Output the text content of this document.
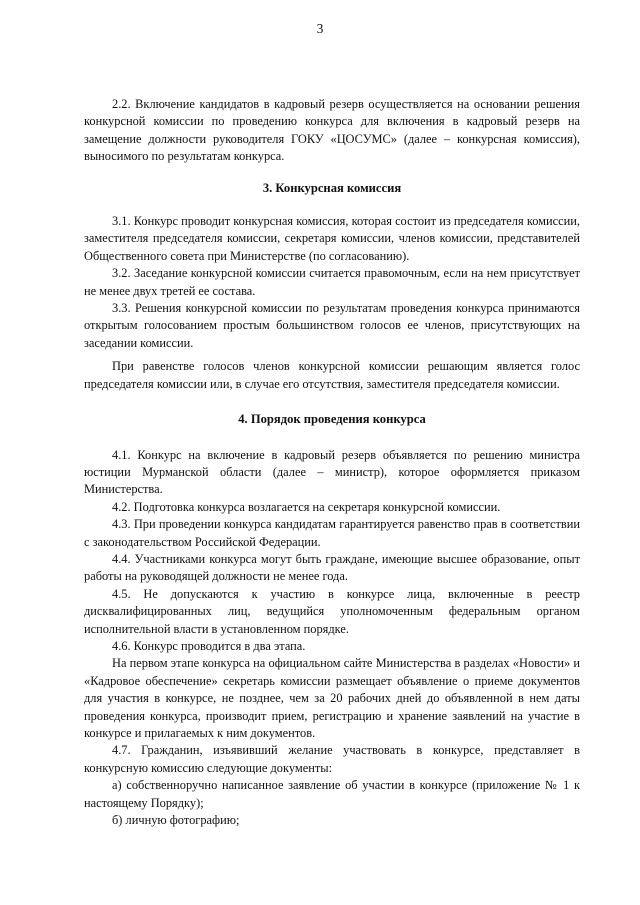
3

2.2. Включение кандидатов в кадровый резерв осуществляется на основании решения конкурсной комиссии по проведению конкурса для включения в кадровый резерв на замещение должности руководителя ГОКУ «ЦОСУМС» (далее – конкурсная комиссия), выносимого по результатам конкурса.

3. Конкурсная комиссия

3.1. Конкурс проводит конкурсная комиссия, которая состоит из председателя комиссии, заместителя председателя комиссии, секретаря комиссии, членов комиссии, представителей Общественного совета при Министерстве (по согласованию).

3.2. Заседание конкурсной комиссии считается правомочным, если на нем присутствует не менее двух третей ее состава.

3.3. Решения конкурсной комиссии по результатам проведения конкурса принимаются открытым голосованием простым большинством голосов ее членов, присутствующих на заседании комиссии.

При равенстве голосов членов конкурсной комиссии решающим является голос председателя комиссии или, в случае его отсутствия, заместителя председателя комиссии.

4. Порядок проведения конкурса

4.1. Конкурс на включение в кадровый резерв объявляется по решению министра юстиции Мурманской области (далее – министр), которое оформляется приказом Министерства.

4.2. Подготовка конкурса возлагается на секретаря конкурсной комиссии.

4.3. При проведении конкурса кандидатам гарантируется равенство прав в соответствии с законодательством Российской Федерации.

4.4. Участниками конкурса могут быть граждане, имеющие высшее образование, опыт работы на руководящей должности не менее года.

4.5. Не допускаются к участию в конкурсе лица, включенные в реестр дисквалифицированных лиц, ведущийся уполномоченным федеральным органом исполнительной власти в установленном порядке.

4.6. Конкурс проводится в два этапа.

На первом этапе конкурса на официальном сайте Министерства в разделах «Новости» и «Кадровое обеспечение» секретарь комиссии размещает объявление о приеме документов для участия в конкурсе, не позднее, чем за 20 рабочих дней до объявленной в нем даты проведения конкурса, производит прием, регистрацию и хранение заявлений на участие в конкурсе и прилагаемых к ним документов.

4.7. Гражданин, изъявивший желание участвовать в конкурсе, представляет в конкурсную комиссию следующие документы:

а) собственноручно написанное заявление об участии в конкурсе (приложение № 1 к настоящему Порядку);

б) личную фотографию;
